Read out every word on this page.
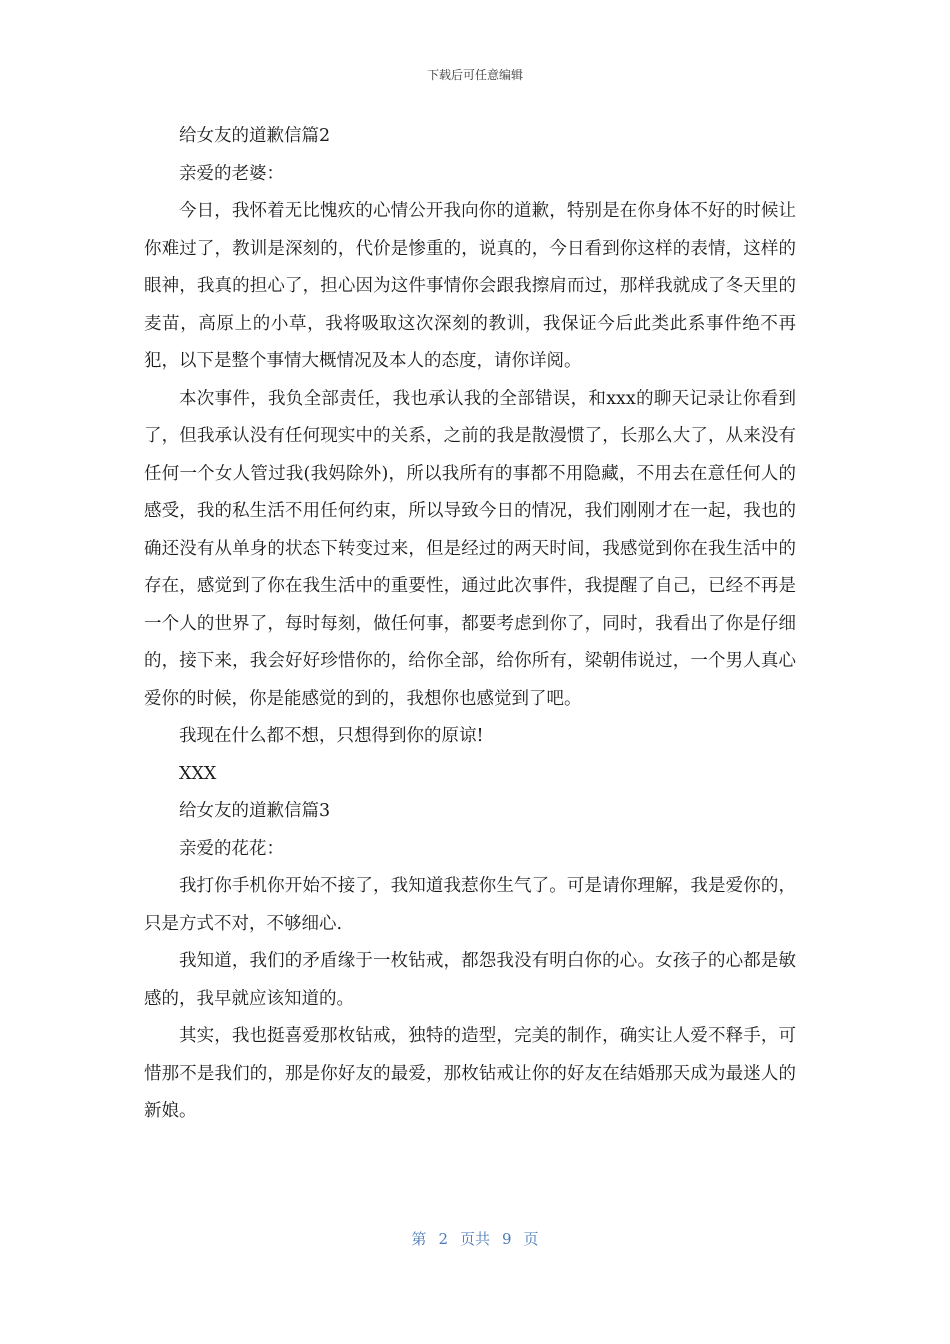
下载后可任意编辑

给女友的道歉信篇2

亲爱的老婆：

今日，我怀着无比愧疚的心情公开我向你的道歉，特别是在你身体不好的时候让你难过了，教训是深刻的，代价是惨重的，说真的，今日看到你这样的表情，这样的眼神，我真的担心了，担心因为这件事情你会跟我擦肩而过，那样我就成了冬天里的麦苗，高原上的小草，我将吸取这次深刻的教训，我保证今后此类此系事件绝不再犯，以下是整个事情大概情况及本人的态度，请你详阅。

本次事件，我负全部责任，我也承认我的全部错误，和xxx的聊天记录让你看到了，但我承认没有任何现实中的关系，之前的我是散漫惯了，长那么大了，从来没有任何一个女人管过我(我妈除外)，所以我所有的事都不用隐藏，不用去在意任何人的感受，我的私生活不用任何约束，所以导致今日的情况，我们刚刚才在一起，我也的确还没有从单身的状态下转变过来，但是经过的两天时间，我感觉到你在我生活中的存在，感觉到了你在我生活中的重要性，通过此次事件，我提醒了自己，已经不再是一个人的世界了，每时每刻，做任何事，都要考虑到你了，同时，我看出了你是仔细的，接下来，我会好好珍惜你的，给你全部，给你所有，梁朝伟说过，一个男人真心爱你的时候，你是能感觉的到的，我想你也感觉到了吧。

我现在什么都不想，只想得到你的原谅!

XXX

给女友的道歉信篇3

亲爱的花花：

我打你手机你开始不接了，我知道我惹你生气了。可是请你理解，我是爱你的，只是方式不对，不够细心.

我知道，我们的矛盾缘于一枚钻戒，都怨我没有明白你的心。女孩子的心都是敏感的，我早就应该知道的。

其实，我也挺喜爱那枚钻戒，独特的造型，完美的制作，确实让人爱不释手，可惜那不是我们的，那是你好友的最爱，那枚钻戒让你的好友在结婚那天成为最迷人的新娘。

第 2 页共 9 页
